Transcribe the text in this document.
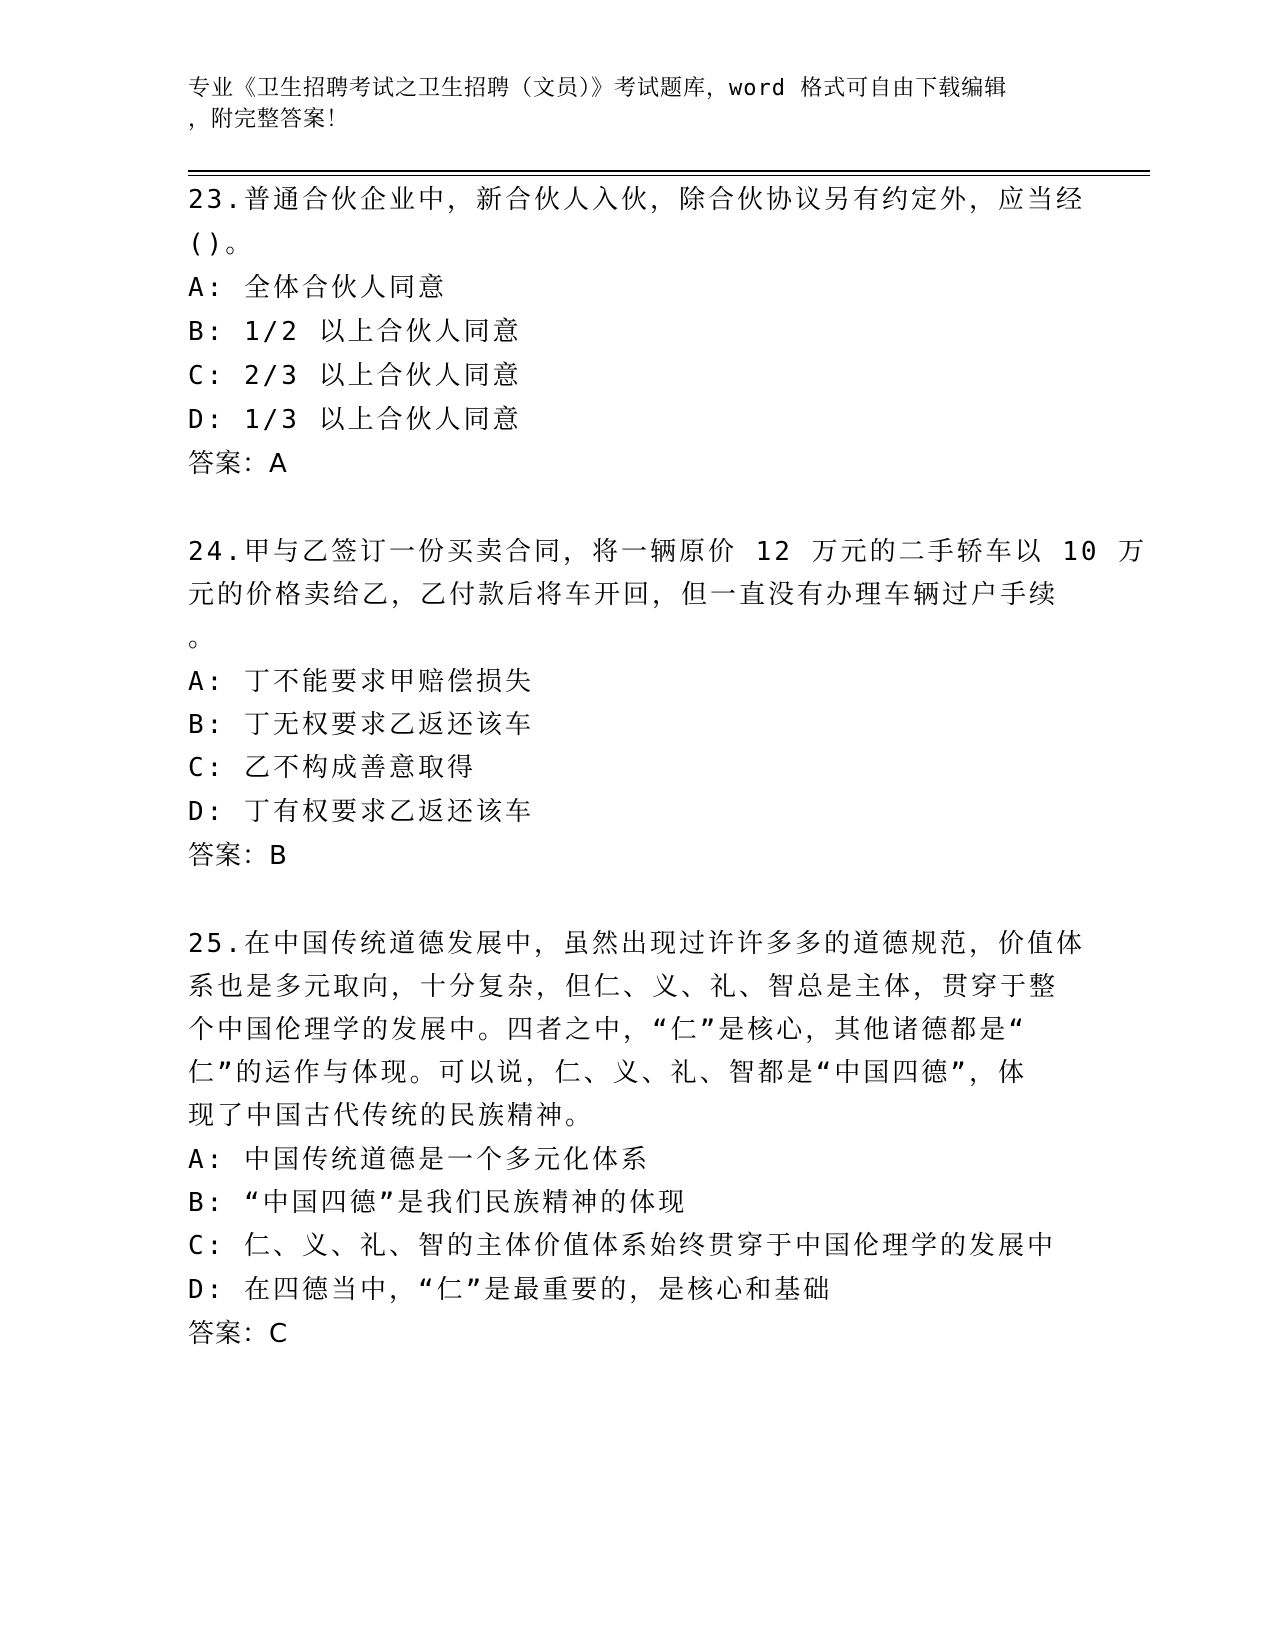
专业《卫生招聘考试之卫生招聘（文员）》考试题库，word 格式可自由下载编辑
，附完整答案！
23.普通合伙企业中，新合伙人入伙，除合伙协议另有约定外，应当经
()。
A: 全体合伙人同意
B: 1/2 以上合伙人同意
C: 2/3 以上合伙人同意
D: 1/3 以上合伙人同意
答案：A
24.甲与乙签订一份买卖合同，将一辆原价 12 万元的二手轿车以 10 万
元的价格卖给乙，乙付款后将车开回，但一直没有办理车辆过户手续
。
A: 丁不能要求甲赔偿损失
B: 丁无权要求乙返还该车
C: 乙不构成善意取得
D: 丁有权要求乙返还该车
答案：B
25.在中国传统道德发展中，虽然出现过许许多多的道德规范，价值体
系也是多元取向，十分复杂，但仁、义、礼、智总是主体，贯穿于整
个中国伦理学的发展中。四者之中，“仁”是核心，其他诸德都是“
仁”的运作与体现。可以说，仁、义、礼、智都是“中国四德”，体
现了中国古代传统的民族精神。
A: 中国传统道德是一个多元化体系
B: “中国四德”是我们民族精神的体现
C: 仁、义、礼、智的主体价值体系始终贯穿于中国伦理学的发展中
D: 在四德当中，“仁”是最重要的，是核心和基础
答案：C
